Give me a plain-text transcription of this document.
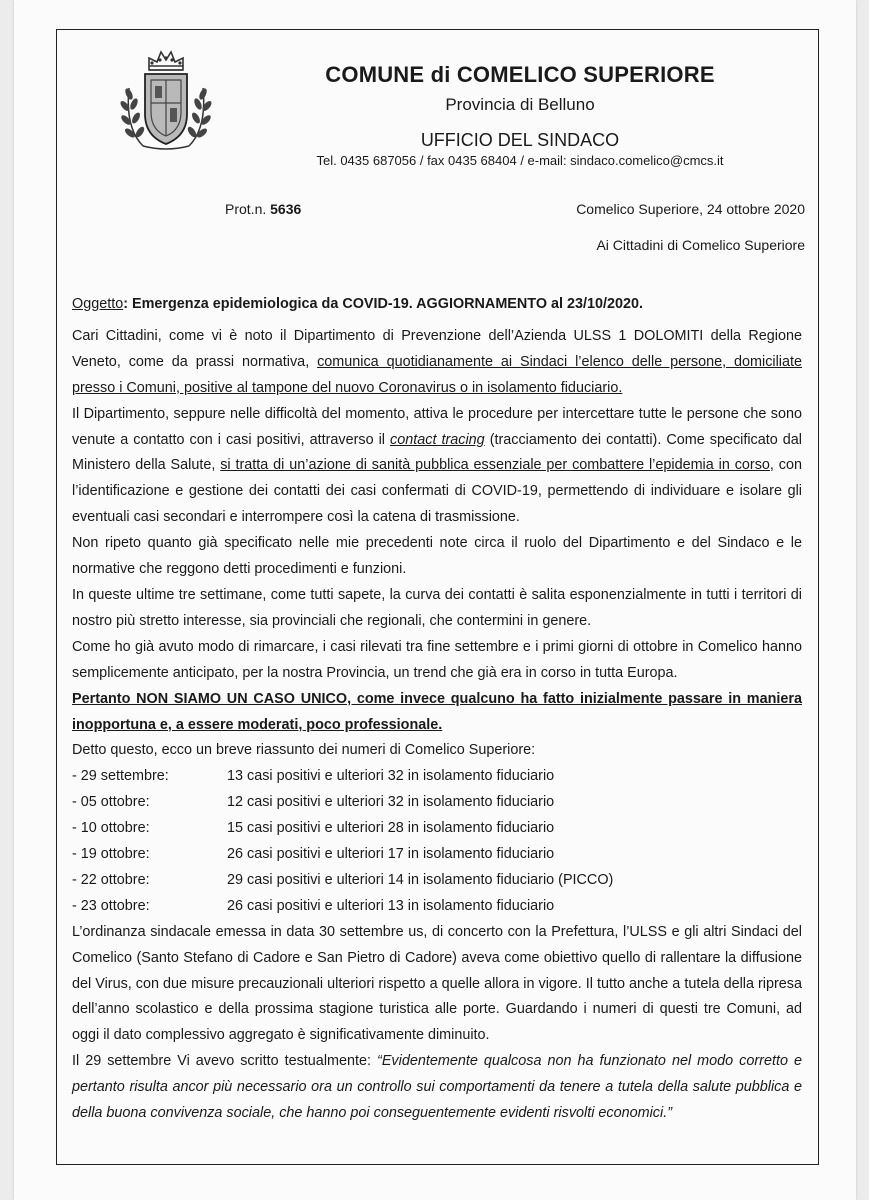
COMUNE di COMELICO SUPERIORE
Provincia di Belluno
UFFICIO DEL SINDACO
Tel. 0435 687056 / fax 0435 68404 / e-mail: sindaco.comelico@cmcs.it
Prot.n. 5636	Comelico Superiore, 24 ottobre 2020
Ai Cittadini di Comelico Superiore

Oggetto: Emergenza epidemiologica da COVID-19. AGGIORNAMENTO al 23/10/2020.

Cari Cittadini, come vi è noto il Dipartimento di Prevenzione dell’Azienda ULSS 1 DOLOMITI della Regione Veneto, come da prassi normativa, comunica quotidianamente ai Sindaci l’elenco delle persone, domiciliate presso i Comuni, positive al tampone del nuovo Coronavirus o in isolamento fiduciario.

Il Dipartimento, seppure nelle difficoltà del momento, attiva le procedure per intercettare tutte le persone che sono venute a contatto con i casi positivi, attraverso il contact tracing (tracciamento dei contatti). Come specificato dal Ministero della Salute, si tratta di un’azione di sanità pubblica essenziale per combattere l’epidemia in corso, con l’identificazione e gestione dei contatti dei casi confermati di COVID-19, permettendo di individuare e isolare gli eventuali casi secondari e interrompere così la catena di trasmissione.

Non ripeto quanto già specificato nelle mie precedenti note circa il ruolo del Dipartimento e del Sindaco e le normative che reggono detti procedimenti e funzioni.

In queste ultime tre settimane, come tutti sapete, la curva dei contatti è salita esponenzialmente in tutti i territori di nostro più stretto interesse, sia provinciali che regionali, che contermini in genere.

Come ho già avuto modo di rimarcare, i casi rilevati tra fine settembre e i primi giorni di ottobre in Comelico hanno semplicemente anticipato, per la nostra Provincia, un trend che già era in corso in tutta Europa.

Pertanto NON SIAMO UN CASO UNICO, come invece qualcuno ha fatto inizialmente passare in maniera inopportuna e, a essere moderati, poco professionale.

Detto questo, ecco un breve riassunto dei numeri di Comelico Superiore:

- 29 settembre:	13 casi positivi e ulteriori 32 in isolamento fiduciario
- 05 ottobre:	12 casi positivi e ulteriori 32 in isolamento fiduciario
- 10 ottobre:	15 casi positivi e ulteriori 28 in isolamento fiduciario
- 19 ottobre:	26 casi positivi e ulteriori 17 in isolamento fiduciario
- 22 ottobre:	29 casi positivi e ulteriori 14 in isolamento fiduciario (PICCO)
- 23 ottobre:	26 casi positivi e ulteriori 13 in isolamento fiduciario

L’ordinanza sindacale emessa in data 30 settembre us, di concerto con la Prefettura, l’ULSS e gli altri Sindaci del Comelico (Santo Stefano di Cadore e San Pietro di Cadore) aveva come obiettivo quello di rallentare la diffusione del Virus, con due misure precauzionali ulteriori rispetto a quelle allora in vigore. Il tutto anche a tutela della ripresa dell’anno scolastico e della prossima stagione turistica alle porte. Guardando i numeri di questi tre Comuni, ad oggi il dato complessivo aggregato è significativamente diminuito.

Il 29 settembre Vi avevo scritto testualmente: “Evidentemente qualcosa non ha funzionato nel modo corretto e pertanto risulta ancor più necessario ora un controllo sui comportamenti da tenere a tutela della salute pubblica e della buona convivenza sociale, che hanno poi conseguentemente evidenti risvolti economici.”
